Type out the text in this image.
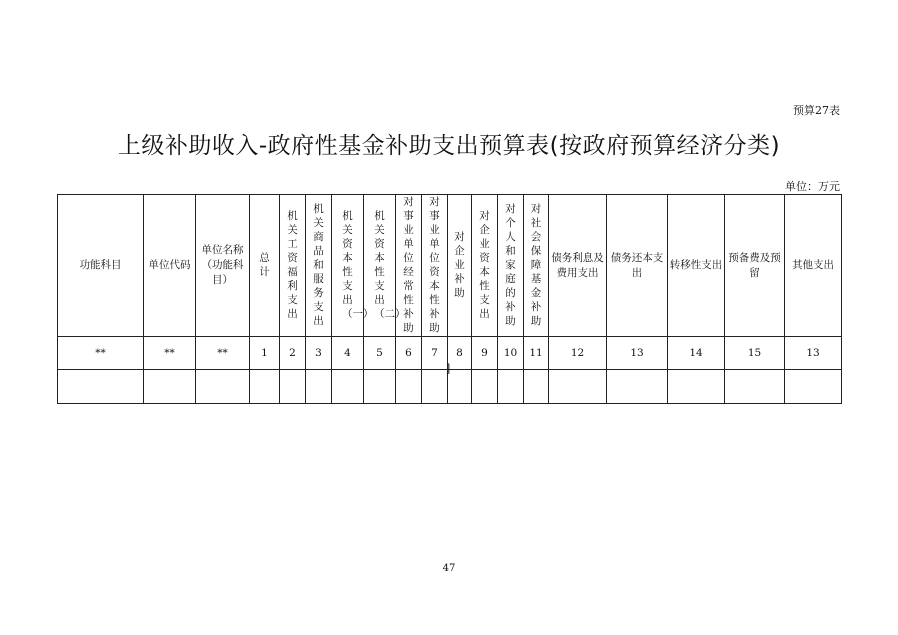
预算27表
上级补助收入-政府性基金补助支出预算表(按政府预算经济分类)
单位：万元
功能科目	单位代码	单位名称（功能科目）	总计	机关工资福利支出	机关商品和服务支出	机关资本性支出（一）	机关资本性支出（二）	对事业单位经常性补助	对事业单位资本性补助	对企业补助	对企业资本性支出	对个人和家庭的补助	对社会保障基金补助	债务利息及费用支出	债务还本支出	转移性支出	预备费及预留	其他支出
**	**	**	1	2	3	4	5	6	7	8	9	10	11	12	13	14	15	13

]
47
